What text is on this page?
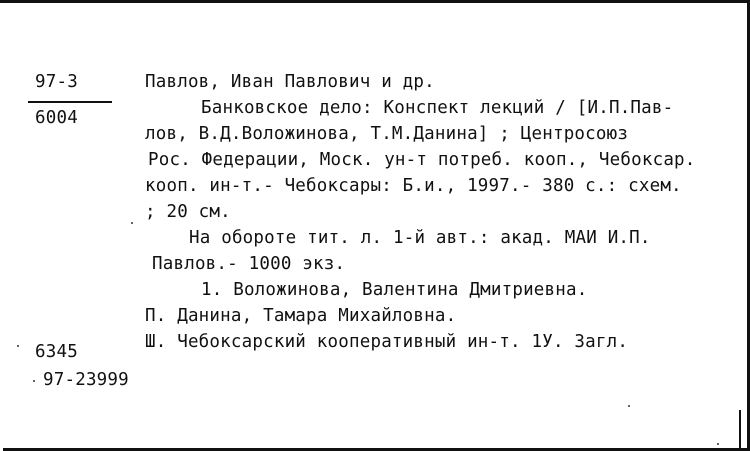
97-3
6004
Павлов, Иван Павлович и др.
Банковское дело: Конспект лекций / [И.П.Пав-
лов, В.Д.Воложинова, Т.М.Данина] ; Центросоюз
Рос. Федерации, Моск. ун-т потреб. кооп., Чебоксар.
кооп. ин-т.- Чебоксары: Б.и., 1997.- 380 с.: схем.
; 20 см.
На обороте тит. л. 1-й авт.: акад. МАИ И.П.
Павлов.- 1000 экз.
1. Воложинова, Валентина Дмитриевна.
П. Данина, Тамара Михайловна.
Ш. Чебоксарский кооперативный ин-т. 1У. Загл.
6345
97-23999
